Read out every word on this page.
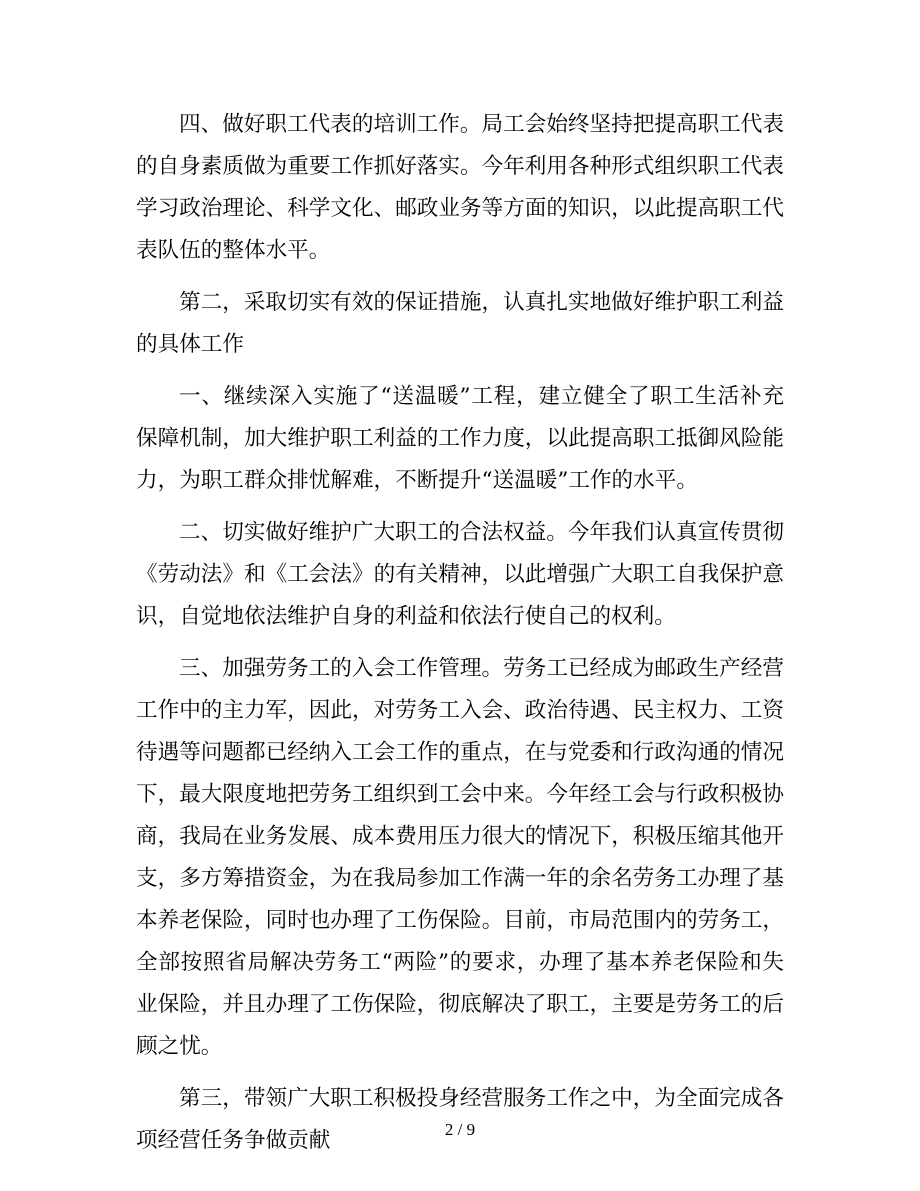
四、做好职工代表的培训工作。局工会始终坚持把提高职工代表的自身素质做为重要工作抓好落实。今年利用各种形式组织职工代表学习政治理论、科学文化、邮政业务等方面的知识，以此提高职工代表队伍的整体水平。

第二，采取切实有效的保证措施，认真扎实地做好维护职工利益的具体工作

一、继续深入实施了“送温暖”工程，建立健全了职工生活补充保障机制，加大维护职工利益的工作力度，以此提高职工抵御风险能力，为职工群众排忧解难，不断提升“送温暖”工作的水平。

二、切实做好维护广大职工的合法权益。今年我们认真宣传贯彻《劳动法》和《工会法》的有关精神，以此增强广大职工自我保护意识，自觉地依法维护自身的利益和依法行使自己的权利。

三、加强劳务工的入会工作管理。劳务工已经成为邮政生产经营工作中的主力军，因此，对劳务工入会、政治待遇、民主权力、工资待遇等问题都已经纳入工会工作的重点，在与党委和行政沟通的情况下，最大限度地把劳务工组织到工会中来。今年经工会与行政积极协商，我局在业务发展、成本费用压力很大的情况下，积极压缩其他开支，多方筹措资金，为在我局参加工作满一年的余名劳务工办理了基本养老保险，同时也办理了工伤保险。目前，市局范围内的劳务工，全部按照省局解决劳务工“两险”的要求，办理了基本养老保险和失业保险，并且办理了工伤保险，彻底解决了职工，主要是劳务工的后顾之忧。

第三，带领广大职工积极投身经营服务工作之中，为全面完成各项经营任务争做贡献	2 / 9
